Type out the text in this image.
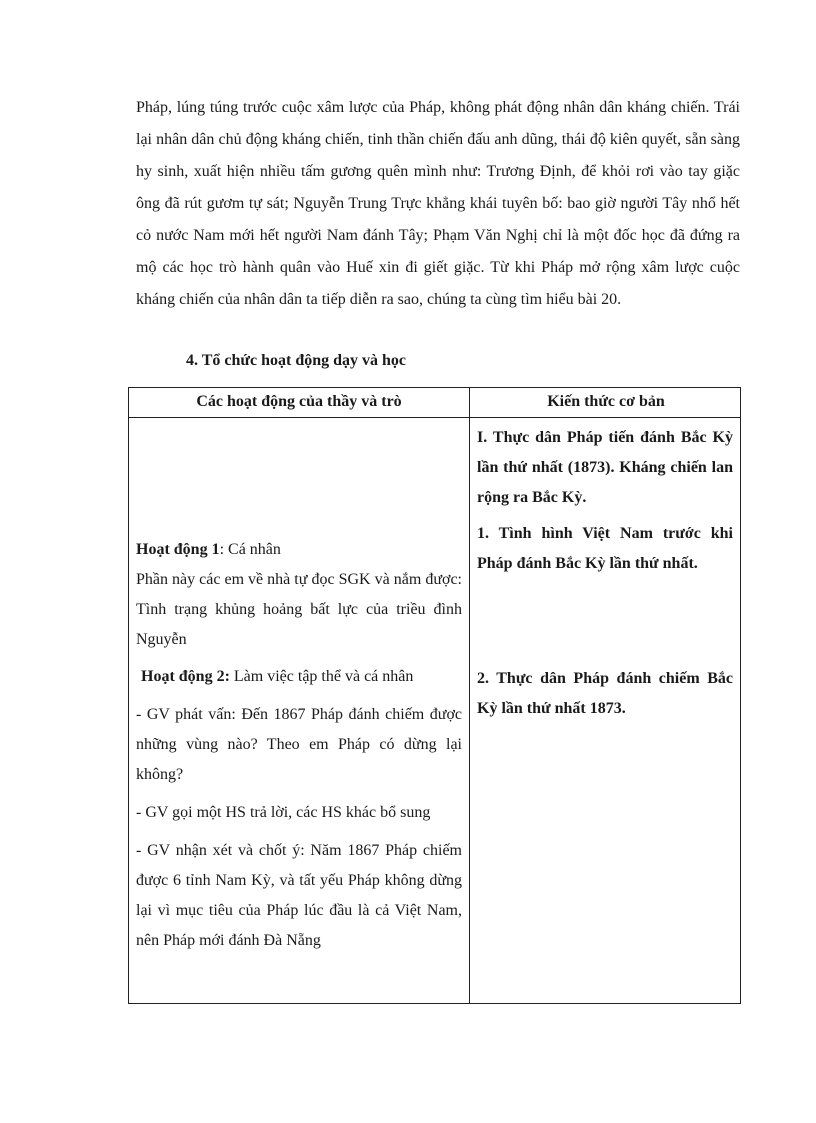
Pháp, lúng túng trước cuộc xâm lược của Pháp, không phát động nhân dân kháng chiến. Trái lại nhân dân chủ động kháng chiến, tinh thần chiến đấu anh dũng, thái độ kiên quyết, sẵn sàng hy sinh, xuất hiện nhiều tấm gương quên mình như: Trương Định, để khỏi rơi vào tay giặc ông đã rút gươm tự sát; Nguyễn Trung Trực khẳng khái tuyên bố: bao giờ người Tây nhổ hết cỏ nước Nam mới hết người Nam đánh Tây; Phạm Văn Nghị chỉ là một đốc học đã đứng ra mộ các học trò hành quân vào Huế xin đi giết giặc. Từ khi Pháp mở rộng xâm lược cuộc kháng chiến của nhân dân ta tiếp diễn ra sao, chúng ta cùng tìm hiểu bài 20.

4. Tổ chức hoạt động dạy và học
Các hoạt động của thầy và trò	Kiến thức cơ bản

Hoạt động 1: Cá nhân

Phần này các em về nhà tự đọc SGK và nắm được: Tình trạng khủng hoảng bất lực của triều đình Nguyễn

Hoạt động 2: Làm việc tập thể và cá nhân

- GV phát vấn: Đến 1867 Pháp đánh chiếm được những vùng nào? Theo em Pháp có dừng lại không?

- GV gọi một HS trả lời, các HS khác bổ sung

- GV nhận xét và chốt ý: Năm 1867 Pháp chiếm được 6 tỉnh Nam Kỳ, và tất yếu Pháp không dừng lại vì mục tiêu của Pháp lúc đầu là cả Việt Nam, nên Pháp mới đánh Đà Nẵng

I. Thực dân Pháp tiến đánh Bắc Kỳ lần thứ nhất (1873). Kháng chiến lan rộng ra Bắc Kỳ.

1. Tình hình Việt Nam trước khi Pháp đánh Bắc Kỳ lần thứ nhất.

2. Thực dân Pháp đánh chiếm Bắc Kỳ lần thứ nhất 1873.
